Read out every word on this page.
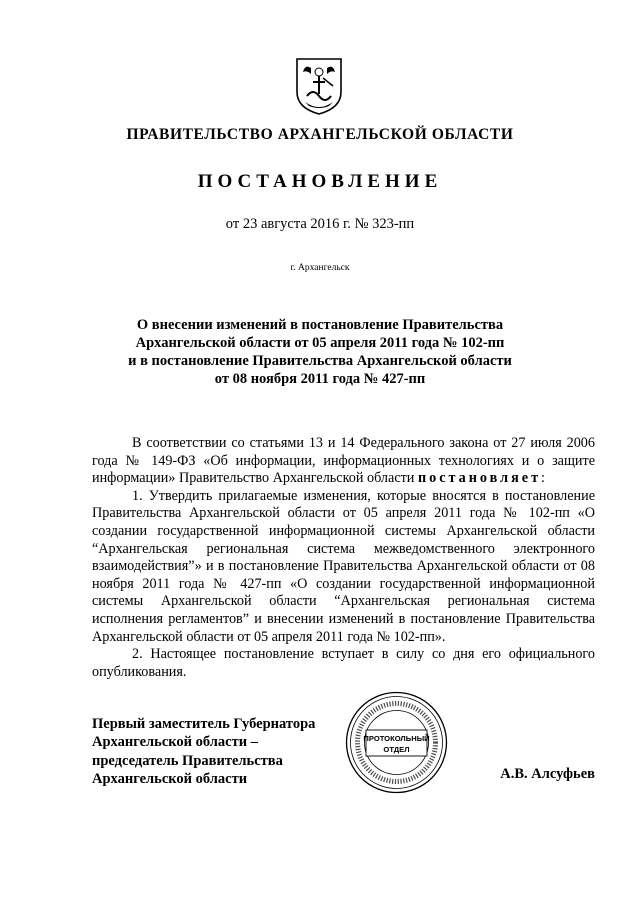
ПРАВИТЕЛЬСТВО АРХАНГЕЛЬСКОЙ ОБЛАСТИ
ПОСТАНОВЛЕНИЕ
от 23 августа 2016 г. № 323-пп
г. Архангельск
О внесении изменений в постановление Правительства
Архангельской области от 05 апреля 2011 года № 102-пп
и в постановление Правительства Архангельской области
от 08 ноября 2011 года № 427-пп

В соответствии со статьями 13 и 14 Федерального закона от 27 июля 2006 года № 149-ФЗ «Об информации, информационных технологиях и о защите информации» Правительство Архангельской области постановляет:

1. Утвердить прилагаемые изменения, которые вносятся в постановление Правительства Архангельской области от 05 апреля 2011 года № 102-пп «О создании государственной информационной системы Архангельской области “Архангельская региональная система межведомственного электронного взаимодействия”» и в постановление Правительства Архангельской области от 08 ноября 2011 года № 427-пп «О создании государственной информационной системы Архангельской области “Архангельская региональная система исполнения регламентов” и внесении изменений в постановление Правительства Архангельской области от 05 апреля 2011 года № 102-пп».

2. Настоящее постановление вступает в силу со дня его официального опубликования.

Первый заместитель Губернатора
Архангельской области –
председатель Правительства
Архангельской области
ПРОТОКОЛЬНЫЙ
ОТДЕЛ
А.В. Алсуфьев
